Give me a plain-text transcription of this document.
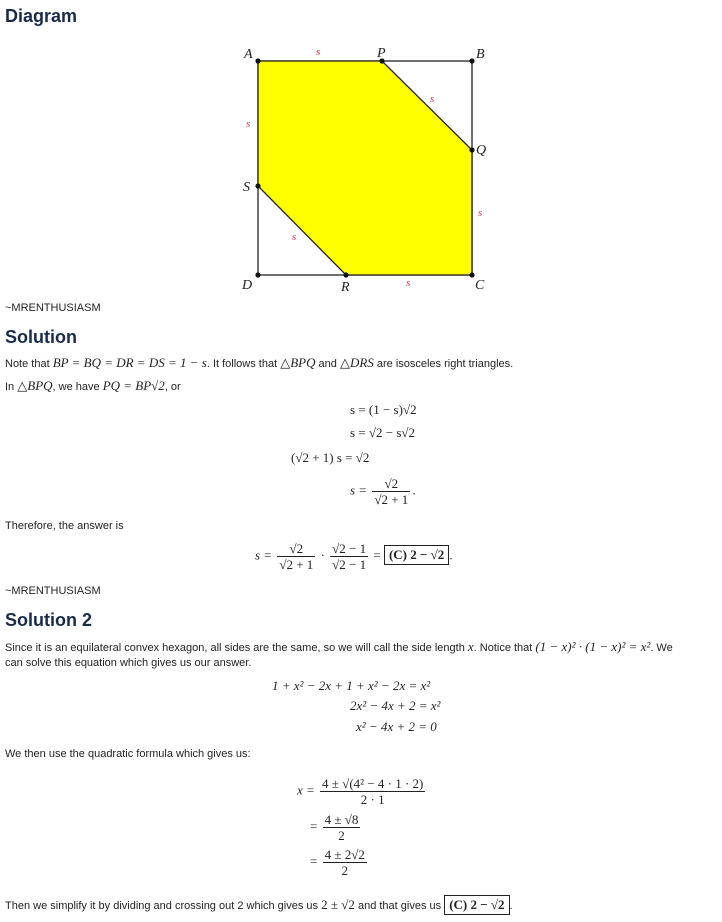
Diagram
A	P	B
Q
C
R
D
S
s
s
s
s
s
s
~MRENTHUSIASM
Solution
Note that BP = BQ = DR = DS = 1 − s. It follows that △BPQ and △DRS are isosceles right triangles.
In △BPQ, we have PQ = BP√2, or
s = (1 − s)√2
s = √2 − s√2
(√2 + 1) s = √2
$s = \frac{√2}{√2 + 1}$ .
Therefore, the answer is
$s = \frac{√2}{√2 + 1} \cdot \frac{√2 - 1}{√2 - 1} = (C) 2 - √2$ .
~MRENTHUSIASM
Solution 2
Since it is an equilateral convex hexagon, all sides are the same, so we will call the side length x. Notice that (1 − x)² · (1 − x)² = x². We
can solve this equation which gives us our answer.
1 + x² − 2x + 1 + x² − 2x = x²
2x² − 4x + 2 = x²
x² − 4x + 2 = 0
We then use the quadratic formula which gives us:
$x = \frac{\text{4 ± √(4² − 4 · 1 · 2)}}{2 \cdot 1}$
= $\frac{4 \pm √8}{2}$
= $\frac{4 \pm 2√2}{2}$
Then we simplify it by dividing and crossing out 2 which gives us 2 ± √2 and that gives us (C) 2 − √2 .
